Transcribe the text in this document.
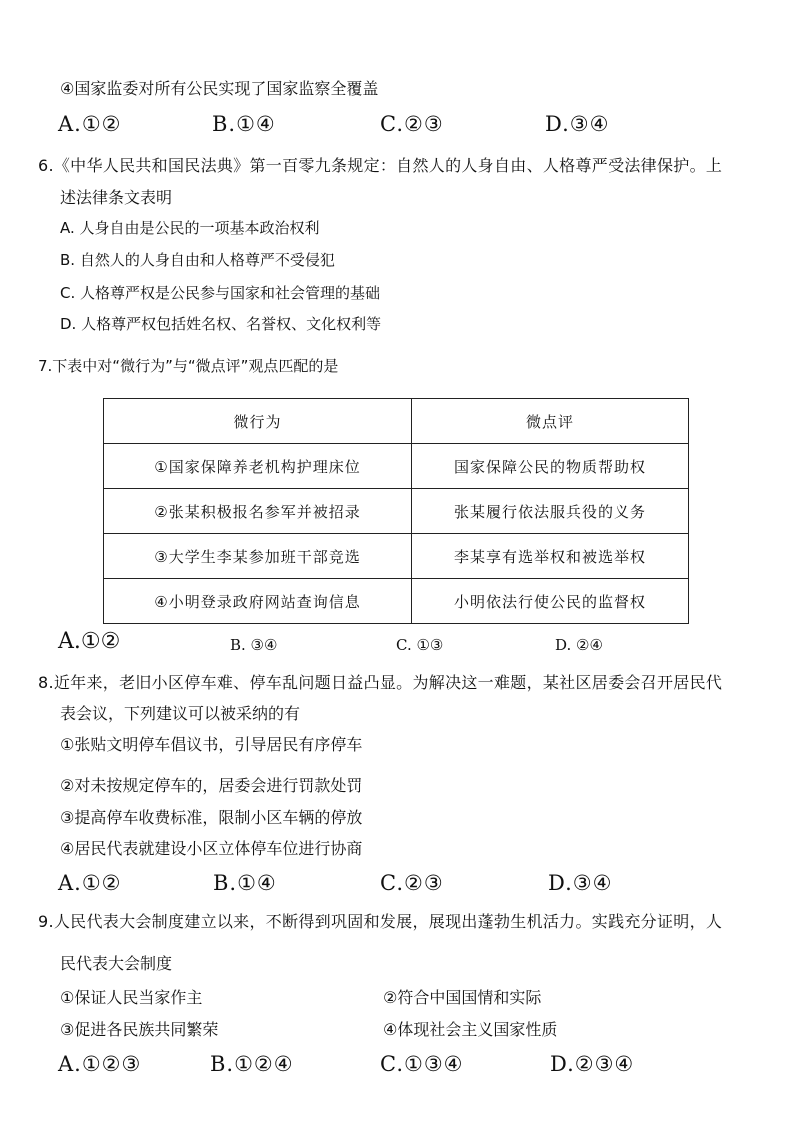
④国家监委对所有公民实现了国家监察全覆盖
A.①②	B.①④	C.②③	D.③④
6.《中华人民共和国民法典》第一百零九条规定：自然人的人身自由、人格尊严受法律保护。上
述法律条文表明
A. 人身自由是公民的一项基本政治权利
B. 自然人的人身自由和人格尊严不受侵犯
C. 人格尊严权是公民参与国家和社会管理的基础
D. 人格尊严权包括姓名权、名誉权、文化权利等
7.下表中对“微行为”与“微点评”观点匹配的是
微行为	微点评
①国家保障养老机构护理床位	国家保障公民的物质帮助权
②张某积极报名参军并被招录	张某履行依法服兵役的义务
③大学生李某参加班干部竞选	李某享有选举权和被选举权
④小明登录政府网站查询信息	小明依法行使公民的监督权
A.①②	B. ③④	C. ①③	D. ②④
8.近年来，老旧小区停车难、停车乱问题日益凸显。为解决这一难题，某社区居委会召开居民代
表会议，下列建议可以被采纳的有
①张贴文明停车倡议书，引导居民有序停车
②对未按规定停车的，居委会进行罚款处罚
③提高停车收费标准，限制小区车辆的停放
④居民代表就建设小区立体停车位进行协商
A.①②	B.①④	C.②③	D.③④
9.人民代表大会制度建立以来，不断得到巩固和发展，展现出蓬勃生机活力。实践充分证明，人
民代表大会制度
①保证人民当家作主	②符合中国国情和实际
③促进各民族共同繁荣	④体现社会主义国家性质
A.①②③	B.①②④	C.①③④	D.②③④
